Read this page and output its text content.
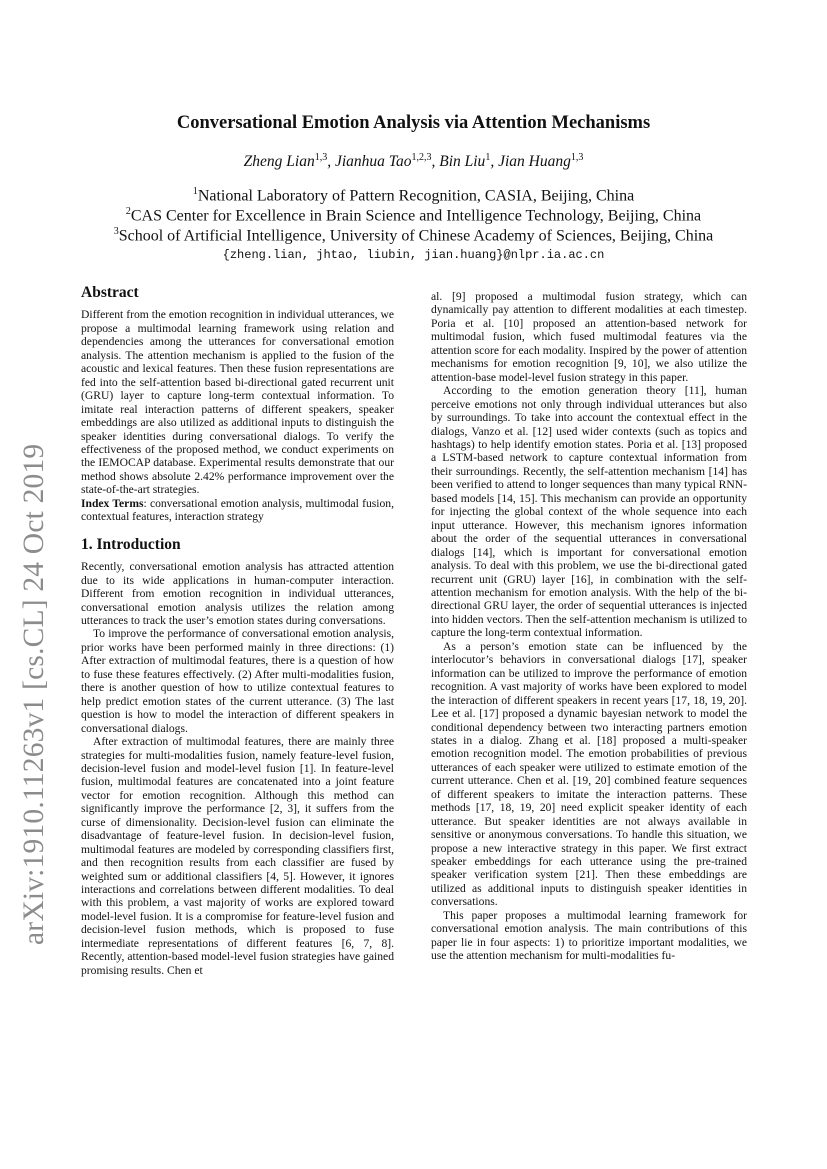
arXiv:1910.11263v1 [cs.CL] 24 Oct 2019
Conversational Emotion Analysis via Attention Mechanisms
Zheng Lian$^{1,3}$, Jianhua Tao$^{1,2,3}$, Bin Liu$^1$, Jian Huang$^{1,3}$
$^1$National Laboratory of Pattern Recognition, CASIA, Beijing, China
$^2$CAS Center for Excellence in Brain Science and Intelligence Technology, Beijing, China
$^3$School of Artificial Intelligence, University of Chinese Academy of Sciences, Beijing, China
{zheng.lian, jhtao, liubin, jian.huang}@nlpr.ia.ac.cn

Abstract

Different from the emotion recognition in individual utterances, we propose a multimodal learning framework using relation and dependencies among the utterances for conversational emotion analysis. The attention mechanism is applied to the fusion of the acoustic and lexical features. Then these fusion representations are fed into the self-attention based bi-directional gated recurrent unit (GRU) layer to capture long-term contextual information. To imitate real interaction patterns of different speakers, speaker embeddings are also utilized as additional inputs to distinguish the speaker identities during conversational dialogs. To verify the effectiveness of the proposed method, we conduct experiments on the IEMOCAP database. Experimental results demonstrate that our method shows absolute 2.42% performance improvement over the state-of-the-art strategies.

Index Terms: conversational emotion analysis, multimodal fusion, contextual features, interaction strategy

1. Introduction

Recently, conversational emotion analysis has attracted attention due to its wide applications in human-computer interaction. Different from emotion recognition in individual utterances, conversational emotion analysis utilizes the relation among utterances to track the user’s emotion states during conversations.

To improve the performance of conversational emotion analysis, prior works have been performed mainly in three directions: (1) After extraction of multimodal features, there is a question of how to fuse these features effectively. (2) After multi-modalities fusion, there is another question of how to utilize contextual features to help predict emotion states of the current utterance. (3) The last question is how to model the interaction of different speakers in conversational dialogs.

After extraction of multimodal features, there are mainly three strategies for multi-modalities fusion, namely feature-level fusion, decision-level fusion and model-level fusion [1]. In feature-level fusion, multimodal features are concatenated into a joint feature vector for emotion recognition. Although this method can significantly improve the performance [2, 3], it suffers from the curse of dimensionality. Decision-level fusion can eliminate the disadvantage of feature-level fusion. In decision-level fusion, multimodal features are modeled by corresponding classifiers first, and then recognition results from each classifier are fused by weighted sum or additional classifiers [4, 5]. However, it ignores interactions and correlations between different modalities. To deal with this problem, a vast majority of works are explored toward model-level fusion. It is a compromise for feature-level fusion and decision-level fusion methods, which is proposed to fuse intermediate representations of different features [6, 7, 8]. Recently, attention-based model-level fusion strategies have gained promising results. Chen et

al. [9] proposed a multimodal fusion strategy, which can dynamically pay attention to different modalities at each timestep. Poria et al. [10] proposed an attention-based network for multimodal fusion, which fused multimodal features via the attention score for each modality. Inspired by the power of attention mechanisms for emotion recognition [9, 10], we also utilize the attention-base model-level fusion strategy in this paper.

According to the emotion generation theory [11], human perceive emotions not only through individual utterances but also by surroundings. To take into account the contextual effect in the dialogs, Vanzo et al. [12] used wider contexts (such as topics and hashtags) to help identify emotion states. Poria et al. [13] proposed a LSTM-based network to capture contextual information from their surroundings. Recently, the self-attention mechanism [14] has been verified to attend to longer sequences than many typical RNN-based models [14, 15]. This mechanism can provide an opportunity for injecting the global context of the whole sequence into each input utterance. However, this mechanism ignores information about the order of the sequential utterances in conversational dialogs [14], which is important for conversational emotion analysis. To deal with this problem, we use the bi-directional gated recurrent unit (GRU) layer [16], in combination with the self-attention mechanism for emotion analysis. With the help of the bi-directional GRU layer, the order of sequential utterances is injected into hidden vectors. Then the self-attention mechanism is utilized to capture the long-term contextual information.

As a person’s emotion state can be influenced by the interlocutor’s behaviors in conversational dialogs [17], speaker information can be utilized to improve the performance of emotion recognition. A vast majority of works have been explored to model the interaction of different speakers in recent years [17, 18, 19, 20]. Lee et al. [17] proposed a dynamic bayesian network to model the conditional dependency between two interacting partners emotion states in a dialog. Zhang et al. [18] proposed a multi-speaker emotion recognition model. The emotion probabilities of previous utterances of each speaker were utilized to estimate emotion of the current utterance. Chen et al. [19, 20] combined feature sequences of different speakers to imitate the interaction patterns. These methods [17, 18, 19, 20] need explicit speaker identity of each utterance. But speaker identities are not always available in sensitive or anonymous conversations. To handle this situation, we propose a new interactive strategy in this paper. We first extract speaker embeddings for each utterance using the pre-trained speaker verification system [21]. Then these embeddings are utilized as additional inputs to distinguish speaker identities in conversations.

This paper proposes a multimodal learning framework for conversational emotion analysis. The main contributions of this paper lie in four aspects: 1) to prioritize important modalities, we use the attention mechanism for multi-modalities fu-
